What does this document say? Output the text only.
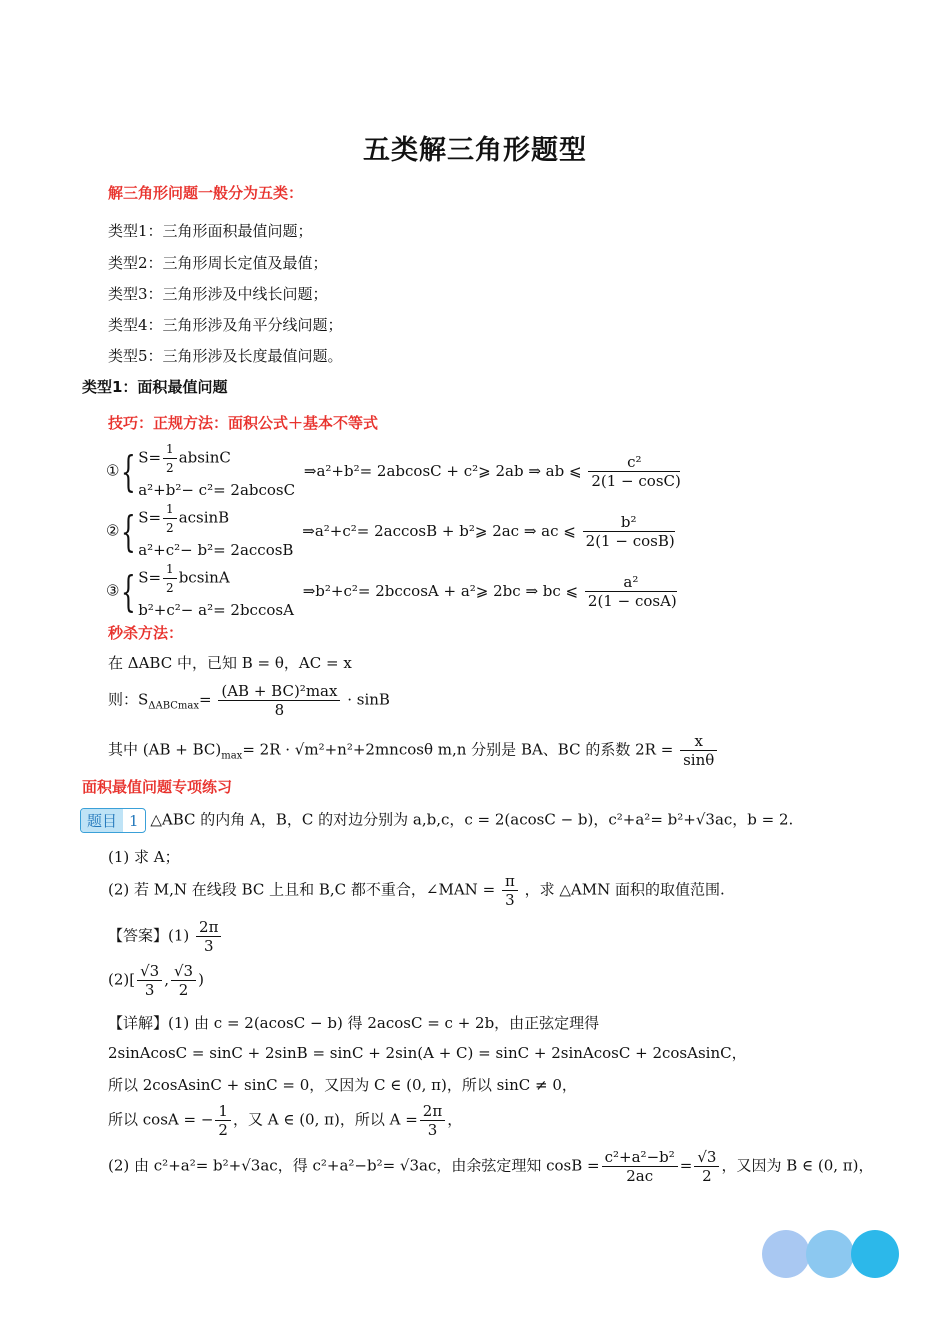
五类解三角形题型
解三角形问题一般分为五类：
类型1：三角形面积最值问题；
类型2：三角形周长定值及最值；
类型3：三角形涉及中线长问题；
类型4：三角形涉及角平分线问题；
类型5：三角形涉及长度最值问题。
类型1：面积最值问题
技巧：正规方法：面积公式＋基本不等式
①{ $S= \frac{1}{2}$ absinC
a²+b²− c²= 2abcosC
⇒a²+b²= 2abcosC + c²⩾ 2ab ⇒ ab ⩽ $\frac{\text{c²}}{2(1 - \cos C)}$
②{ $S= \frac{1}{2}$ acsinB
a²+c²− b²= 2accosB
⇒a²+c²= 2accosB + b²⩾ 2ac ⇒ ac ⩽ $\frac{\text{b²}}{2(1 - \cos B)}$
③{ $S= \frac{1}{2}$ bcsinA
b²+c²− a²= 2bccosA
⇒b²+c²= 2bccosA + a²⩾ 2bc ⇒ bc ⩽ $\frac{\text{a²}}{2(1 - \cos A)}$
秒杀方法：
在 ΔABC 中，已知 B = θ，AC = x
则：$S_{\Delta ABCmax}= \frac{\text{(AB + BC)²max}}{8} \cdot \sin B$
其中 $(AB + BC)_{max}= 2R \cdot √m^2+n^2+2mncos\theta$ m,n 分别是 BA、BC 的系数 $2R = \frac{x}{\sin\theta}$
面积最值问题专项练习
题目 1 △ABC 的内角 A，B，C 的对边分别为 a,b,c，c = 2(acosC − b)，c²+a²= b²+√3ac，b = 2.
(1) 求 A；
(2) 若 M,N 在线段 BC 上且和 B,C 都不重合，∠MAN = $\frac{\pi}{3}$ ，求 △AMN 面积的取值范围.
【答案】$(1) \frac{2\pi}{3}$
$(2)[ \frac{√3}{3}$ , $\frac{√3}{2}$ )
【详解】(1) 由 c = 2(acosC − b) 得 2acosC = c + 2b，由正弦定理得
2sinAcosC = sinC + 2sinB = sinC + 2sin(A + C) = sinC + 2sinAcosC + 2cosAsinC，
所以 2cosAsinC + sinC = 0，又因为 C ∈ (0, π)，所以 sinC ≠ 0，
所以 cosA = − $\frac{1}{2}$ ，又 A ∈ (0, π)，所以 $A = \frac{2\pi}{3}$ ，
(2) 由 c²+a²= b²+√3ac，得 c²+a²−b²= √3ac，由余弦定理知 $\cos B = \frac{\text{c²+a²−b²}}{2ac} = \frac{√3}{2}$ ，又因为 B ∈ (0, π)，
